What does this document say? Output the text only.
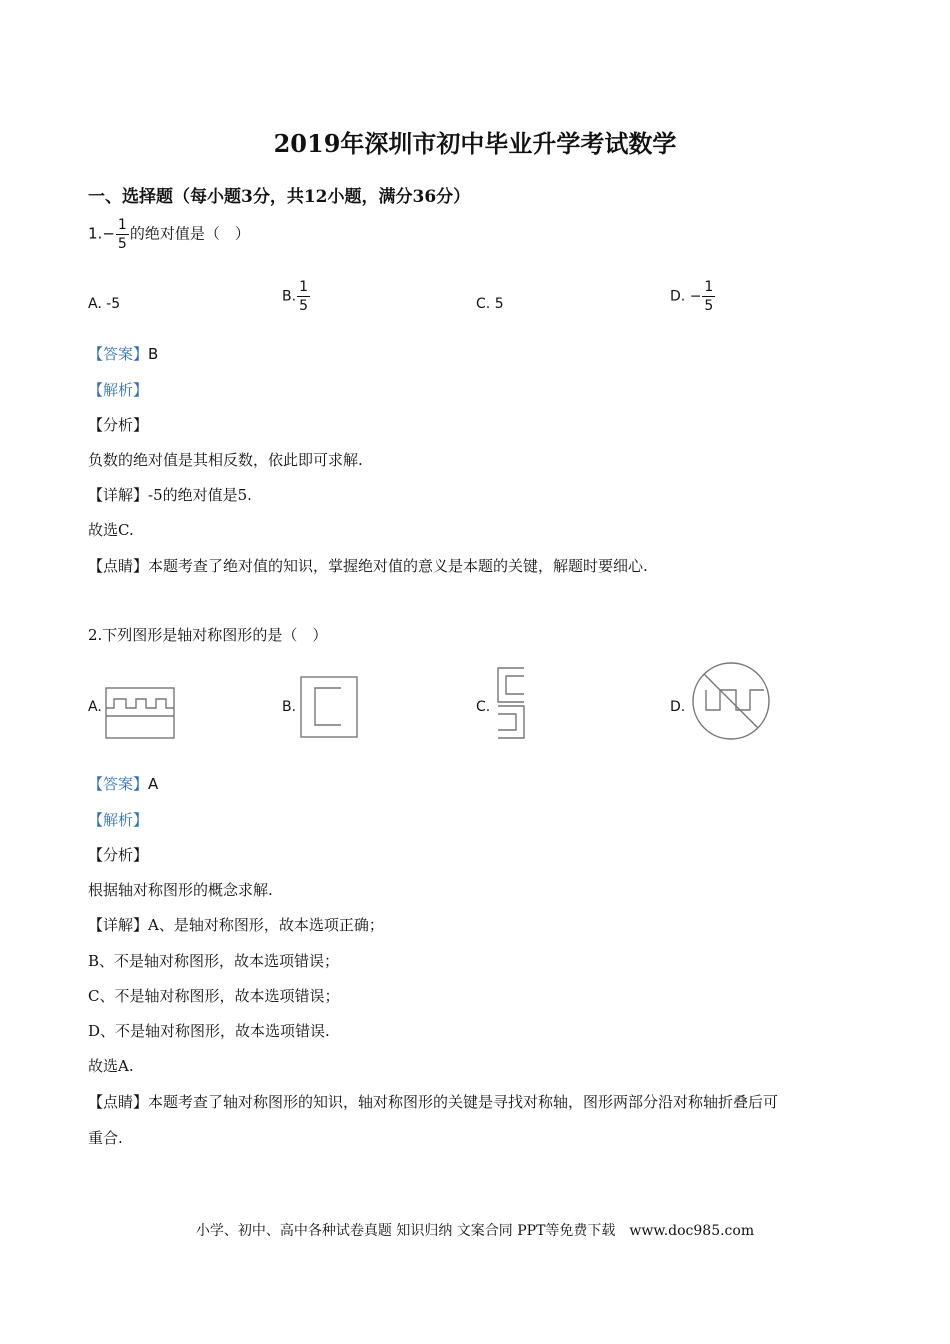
2019年深圳市初中毕业升学考试数学
一、选择题（每小题3分，共12小题，满分36分）
$1.- \frac{1}{5}$ 的绝对值是（　）
A. -5	B. $\frac{1}{5}$	C. 5	D. − $\frac{1}{5}$
【答案】B
【解析】
【分析】
负数的绝对值是其相反数，依此即可求解.
【详解】-5的绝对值是5.
故选C.
【点睛】本题考查了绝对值的知识，掌握绝对值的意义是本题的关键，解题时要细心.
2.下列图形是轴对称图形的是（　）
A.	B.	C.	D.
【答案】A
【解析】
【分析】
根据轴对称图形的概念求解.
【详解】A、是轴对称图形，故本选项正确；
B、不是轴对称图形，故本选项错误；
C、不是轴对称图形，故本选项错误；
D、不是轴对称图形，故本选项错误.
故选A.
【点睛】本题考查了轴对称图形的知识，轴对称图形的关键是寻找对称轴，图形两部分沿对称轴折叠后可
重合.
小学、初中、高中各种试卷真题 知识归纳 文案合同 PPT等免费下载　www.doc985.com
